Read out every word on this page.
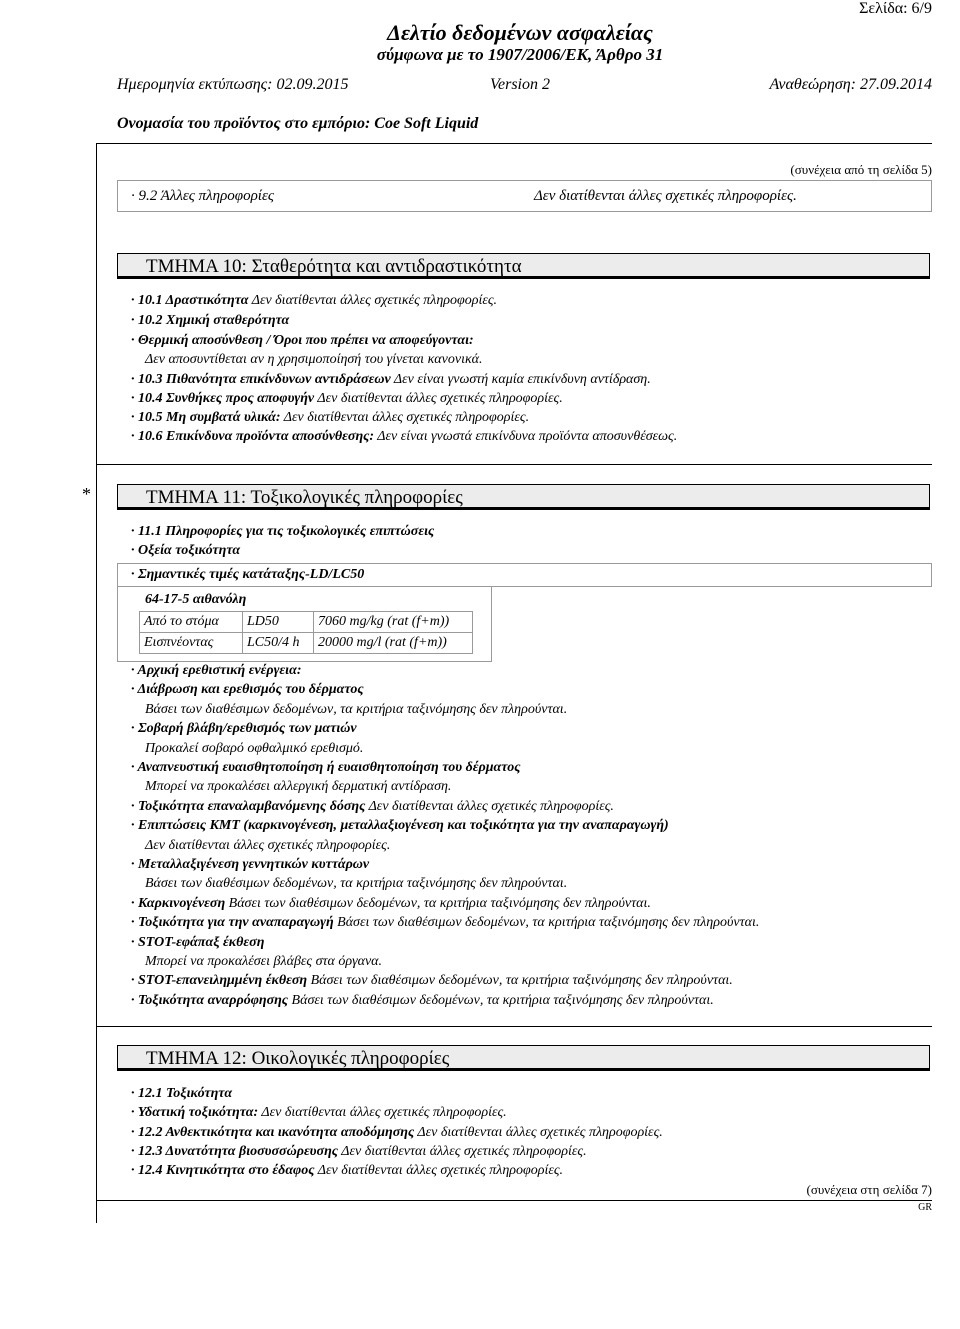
Σελίδα: 6/9
Δελτίο δεδομένων ασφαλείας
σύμφωνα με το 1907/2006/ΕΚ, Άρθρο 31
Ημερομηνία εκτύπωσης: 02.09.2015	Version 2	Αναθεώρηση: 27.09.2014
Ονομασία του προϊόντος στο εμπόριο: Coe Soft Liquid
(συνέχεια από τη σελίδα 5)
· 9.2 Άλλες πληροφορίες	Δεν διατίθενται άλλες σχετικές πληροφορίες.
ΤΜΗΜΑ 10: Σταθερότητα και αντιδραστικότητα
· 10.1 Δραστικότητα Δεν διατίθενται άλλες σχετικές πληροφορίες.
· 10.2 Χημική σταθερότητα
· Θερμική αποσύνθεση / Όροι που πρέπει να αποφεύγονται:
Δεν αποσυντίθεται αν η χρησιμοποίησή του γίνεται κανονικά.
· 10.3 Πιθανότητα επικίνδυνων αντιδράσεων Δεν είναι γνωστή καμία επικίνδυνη αντίδραση.
· 10.4 Συνθήκες προς αποφυγήν Δεν διατίθενται άλλες σχετικές πληροφορίες.
· 10.5 Μη συμβατά υλικά: Δεν διατίθενται άλλες σχετικές πληροφορίες.
· 10.6 Επικίνδυνα προϊόντα αποσύνθεσης: Δεν είναι γνωστά επικίνδυνα προϊόντα αποσυνθέσεως.
*	ΤΜΗΜΑ 11: Τοξικολογικές πληροφορίες
· 11.1 Πληροφορίες για τις τοξικολογικές επιπτώσεις
· Οξεία τοξικότητα
· Σημαντικές τιμές κατάταξης-LD/LC50
64-17-5 αιθανόλη
Από το στόμα	LD50	7060 mg/kg (rat (f+m))
Εισπνέοντας	LC50/4 h	20000 mg/l (rat (f+m))
· Αρχική ερεθιστική ενέργεια:
· Διάβρωση και ερεθισμός του δέρματος
Βάσει των διαθέσιμων δεδομένων, τα κριτήρια ταξινόμησης δεν πληρούνται.
· Σοβαρή βλάβη/ερεθισμός των ματιών
Προκαλεί σοβαρό οφθαλμικό ερεθισμό.
· Αναπνευστική ευαισθητοποίηση ή ευαισθητοποίηση του δέρματος
Μπορεί να προκαλέσει αλλεργική δερματική αντίδραση.
· Τοξικότητα επαναλαμβανόμενης δόσης Δεν διατίθενται άλλες σχετικές πληροφορίες.
· Επιπτώσεις ΚΜΤ (καρκινογένεση, μεταλλαξιογένεση και τοξικότητα για την αναπαραγωγή)
Δεν διατίθενται άλλες σχετικές πληροφορίες.
· Μεταλλαξιγένεση γεννητικών κυττάρων
Βάσει των διαθέσιμων δεδομένων, τα κριτήρια ταξινόμησης δεν πληρούνται.
· Καρκινογένεση Βάσει των διαθέσιμων δεδομένων, τα κριτήρια ταξινόμησης δεν πληρούνται.
· Τοξικότητα για την αναπαραγωγή Βάσει των διαθέσιμων δεδομένων, τα κριτήρια ταξινόμησης δεν πληρούνται.
· STOT-εφάπαξ έκθεση
Μπορεί να προκαλέσει βλάβες στα όργανα.
· STOT-επανειλημμένη έκθεση Βάσει των διαθέσιμων δεδομένων, τα κριτήρια ταξινόμησης δεν πληρούνται.
· Τοξικότητα αναρρόφησης Βάσει των διαθέσιμων δεδομένων, τα κριτήρια ταξινόμησης δεν πληρούνται.
ΤΜΗΜΑ 12: Οικολογικές πληροφορίες
· 12.1 Τοξικότητα
· Υδατική τοξικότητα: Δεν διατίθενται άλλες σχετικές πληροφορίες.
· 12.2 Ανθεκτικότητα και ικανότητα αποδόμησης Δεν διατίθενται άλλες σχετικές πληροφορίες.
· 12.3 Δυνατότητα βιοσυσσώρευσης Δεν διατίθενται άλλες σχετικές πληροφορίες.
· 12.4 Κινητικότητα στο έδαφος Δεν διατίθενται άλλες σχετικές πληροφορίες.
(συνέχεια στη σελίδα 7)
GR
